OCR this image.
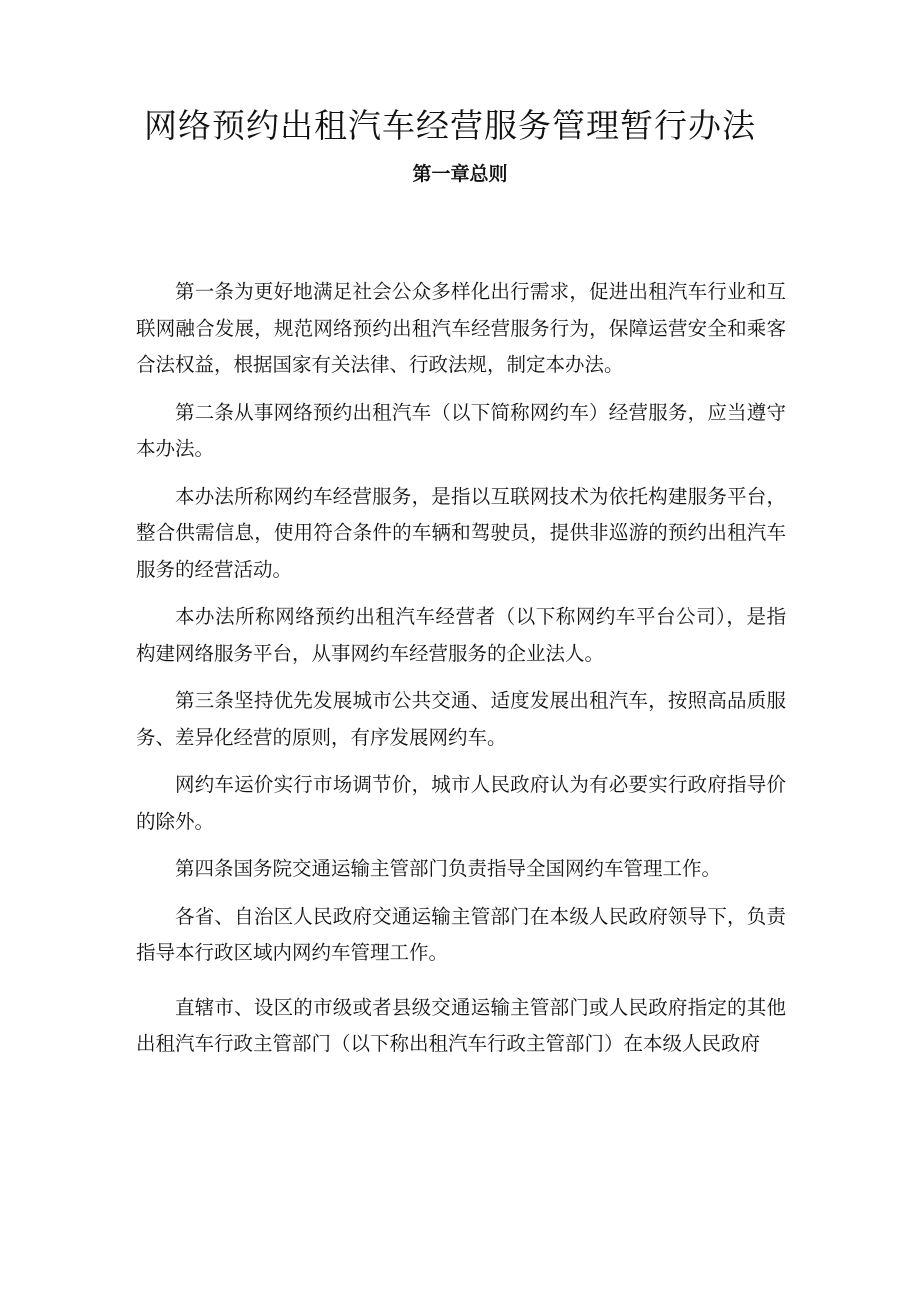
网络预约出租汽车经营服务管理暂行办法
第一章总则

第一条为更好地满足社会公众多样化出行需求，促进出租汽车行业和互联网融合发展，规范网络预约出租汽车经营服务行为，保障运营安全和乘客合法权益，根据国家有关法律、行政法规，制定本办法。

第二条从事网络预约出租汽车（以下简称网约车）经营服务，应当遵守本办法。

本办法所称网约车经营服务，是指以互联网技术为依托构建服务平台，整合供需信息，使用符合条件的车辆和驾驶员，提供非巡游的预约出租汽车服务的经营活动。

本办法所称网络预约出租汽车经营者（以下称网约车平台公司），是指构建网络服务平台，从事网约车经营服务的企业法人。

第三条坚持优先发展城市公共交通、适度发展出租汽车，按照高品质服务、差异化经营的原则，有序发展网约车。

网约车运价实行市场调节价，城市人民政府认为有必要实行政府指导价的除外。

第四条国务院交通运输主管部门负责指导全国网约车管理工作。

各省、自治区人民政府交通运输主管部门在本级人民政府领导下，负责指导本行政区域内网约车管理工作。

直辖市、设区的市级或者县级交通运输主管部门或人民政府指定的其他出租汽车行政主管部门（以下称出租汽车行政主管部门）在本级人民政府
